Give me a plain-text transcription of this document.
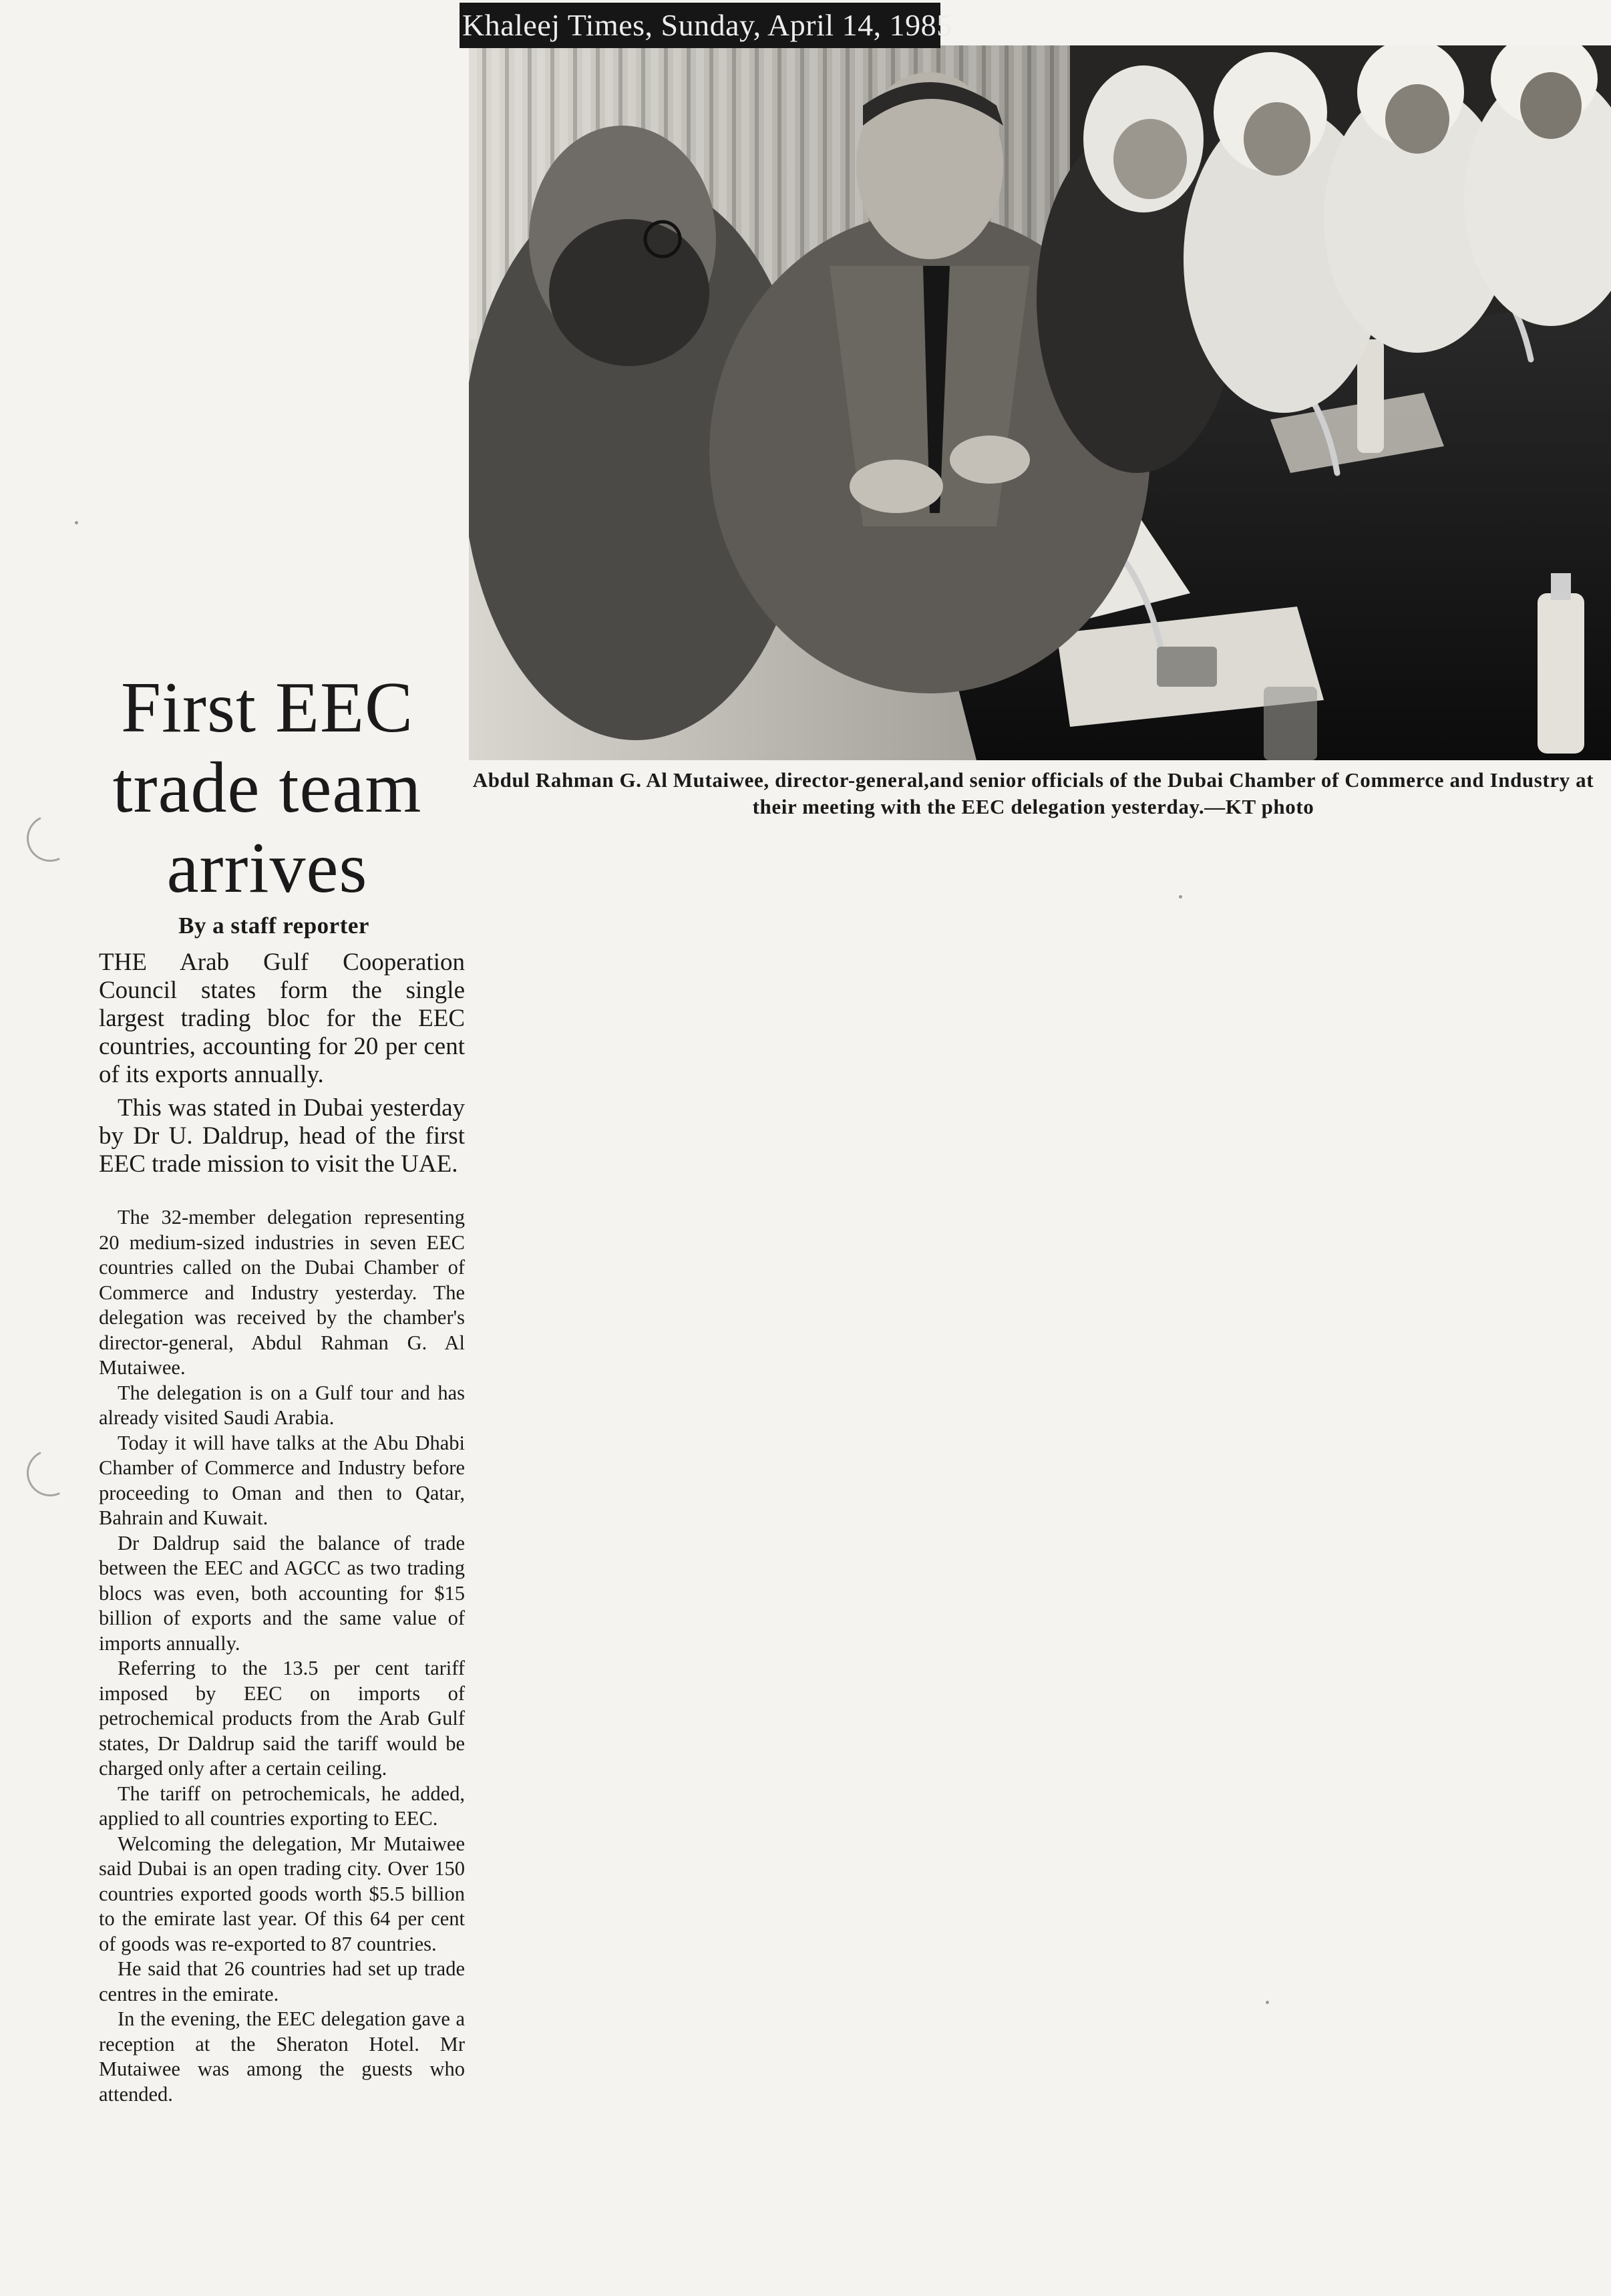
Khaleej Times, Sunday, April 14, 1985
Abdul Rahman G. Al Mutaiwee, director-general,and senior officials of the Dubai Chamber of Commerce and Industry at their meeting with the EEC delegation yesterday.—KT photo
First EEC
trade team
arrives
By a staff reporter

THE Arab Gulf Cooperation Council states form the single largest trading bloc for the EEC countries, accounting for 20 per cent of its exports annually.

This was stated in Dubai yesterday by Dr U. Daldrup, head of the first EEC trade mission to visit the UAE.

The 32-member delegation representing 20 medium-sized industries in seven EEC countries called on the Dubai Chamber of Commerce and Industry yesterday. The delegation was received by the chamber's director-general, Abdul Rahman G. Al Mutaiwee.

The delegation is on a Gulf tour and has already visited Saudi Arabia.

Today it will have talks at the Abu Dhabi Chamber of Commerce and Industry before proceeding to Oman and then to Qatar, Bahrain and Kuwait.

Dr Daldrup said the balance of trade between the EEC and AGCC as two trading blocs was even, both accounting for $15 billion of exports and the same value of imports annually.

Referring to the 13.5 per cent tariff imposed by EEC on imports of petrochemical products from the Arab Gulf states, Dr Daldrup said the tariff would be charged only after a certain ceiling.

The tariff on petrochemicals, he added, applied to all countries exporting to EEC.

Welcoming the delegation, Mr Mutaiwee said Dubai is an open trading city. Over 150 countries exported goods worth $5.5 billion to the emirate last year. Of this 64 per cent of goods was re-exported to 87 countries.

He said that 26 countries had set up trade centres in the emirate.

In the evening, the EEC delegation gave a reception at the Sheraton Hotel. Mr Mutaiwee was among the guests who attended.
